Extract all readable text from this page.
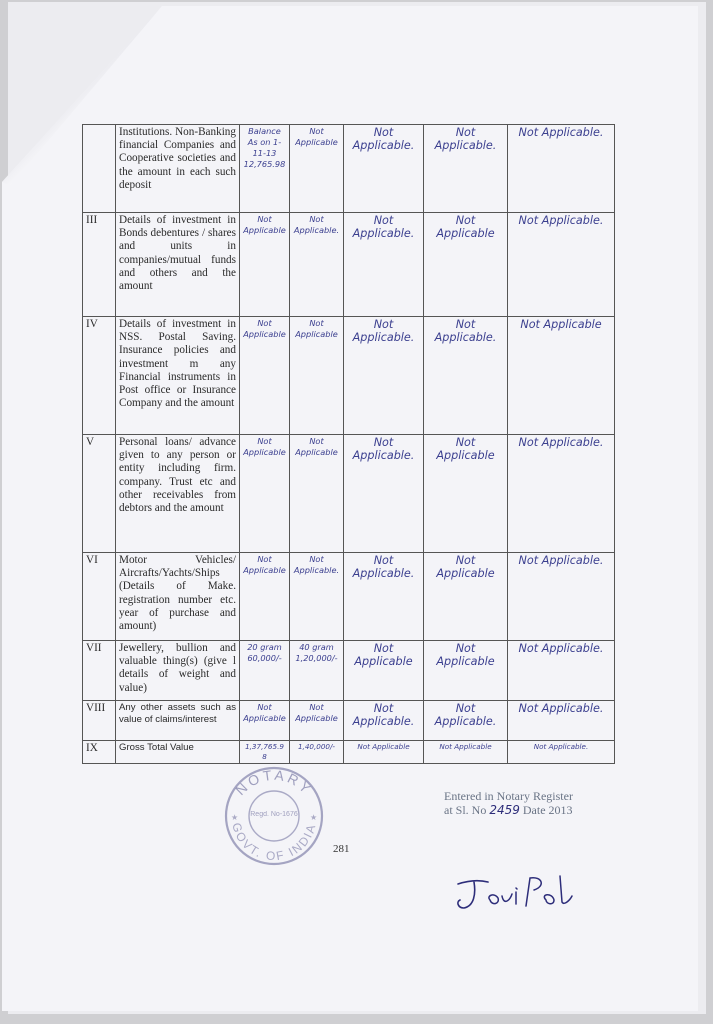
	Institutions. Non-Banking financial Companies and Cooperative societies and the amount in each such deposit	Balance As on 1-11-13 12,765.98	Not Applicable	Not Applicable.	Not Applicable.	Not Applicable.
III	Details of investment in Bonds debentures / shares and units in companies/mutual funds and others and the amount	Not Applicable	Not Applicable.	Not Applicable.	Not Applicable	Not Applicable.
IV	Details of investment in NSS. Postal Saving. Insurance policies and investment m any Financial instruments in Post office or Insurance Company and the amount	Not Applicable	Not Applicable	Not Applicable.	Not Applicable.	Not Applicable
V	Personal loans/ advance given to any person or entity including firm. company. Trust etc and other receivables from debtors and the amount	Not Applicable	Not Applicable	Not Applicable.	Not Applicable	Not Applicable.
VI	Motor Vehicles/ Aircrafts/Yachts/Ships (Details of Make. registration number etc. year of purchase and amount)	Not Applicable	Not Applicable.	Not Applicable.	Not Applicable	Not Applicable.
VII	Jewellery, bullion and valuable thing(s) (give l details of weight and value)	20 gram 60,000/-	40 gram 1,20,000/-	Not Applicable	Not Applicable	Not Applicable.
VIII	Any other assets such as value of claims/interest	Not Applicable	Not Applicable	Not Applicable.	Not Applicable.	Not Applicable.
IX	Gross Total Value	1,37,765.98	1,40,000/-	Not Applicable	Not Applicable	Not Applicable.
NOTARY
GOVT. OF INDIA
Regd. No-1676
★	★
281
Entered in Notary Register
at Sl. No 2459 Date 2013
